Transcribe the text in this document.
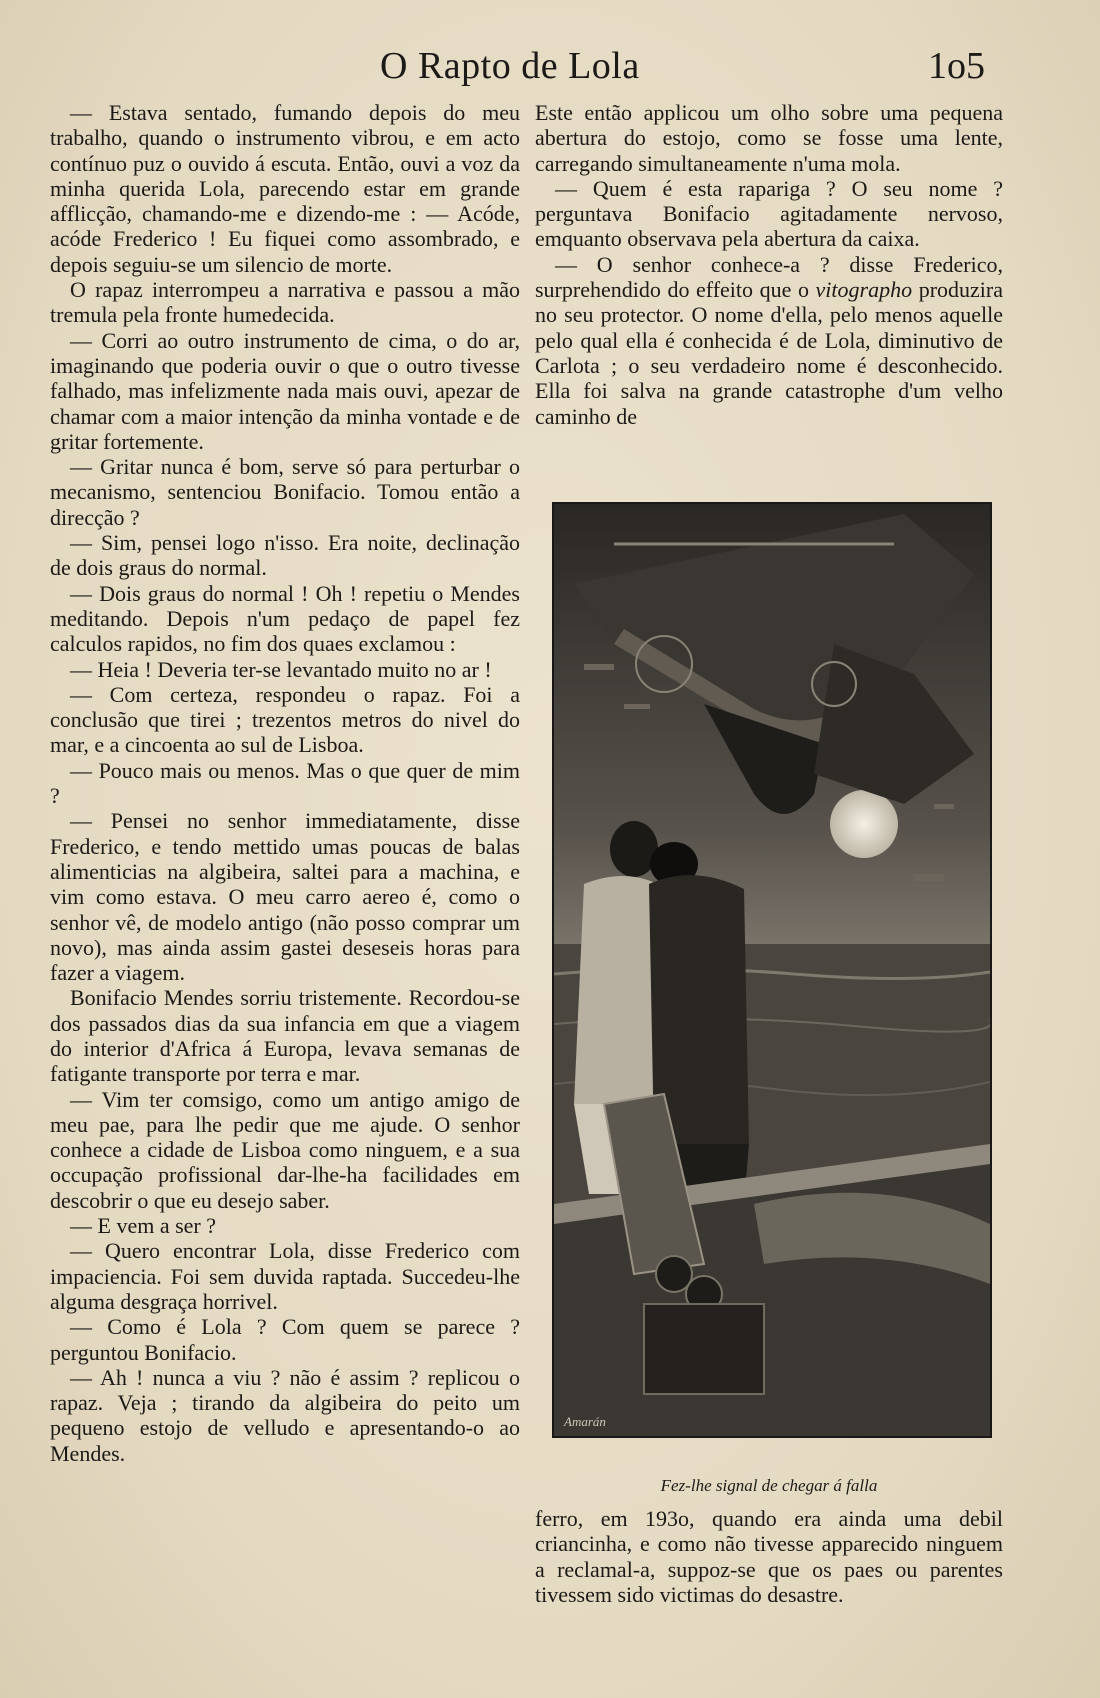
O Rapto de Lola	1o5

— Estava sentado, fumando depois do meu trabalho, quando o instrumento vibrou, e em acto contínuo puz o ouvido á escuta. Então, ouvi a voz da minha querida Lola, parecendo estar em grande afflicção, chamando-me e dizendo-me : — Acóde, acóde Frederico ! Eu fiquei como assombrado, e depois seguiu-se um silencio de morte.

O rapaz interrompeu a narrativa e passou a mão tremula pela fronte humedecida.

— Corri ao outro instrumento de cima, o do ar, imaginando que poderia ouvir o que o outro tivesse falhado, mas infelizmente nada mais ouvi, apezar de chamar com a maior intenção da minha vontade e de gritar fortemente.

— Gritar nunca é bom, serve só para perturbar o mecanismo, sentenciou Bonifacio. Tomou então a direcção ?

— Sim, pensei logo n'isso. Era noite, declinação de dois graus do normal.

— Dois graus do normal ! Oh ! repetiu o Mendes meditando. Depois n'um pedaço de papel fez calculos rapidos, no fim dos quaes exclamou :

— Heia ! Deveria ter-se levantado muito no ar !

— Com certeza, respondeu o rapaz. Foi a conclusão que tirei ; trezentos metros do nivel do mar, e a cincoenta ao sul de Lisboa.

— Pouco mais ou menos. Mas o que quer de mim ?

— Pensei no senhor immediatamente, disse Frederico, e tendo mettido umas poucas de balas alimenticias na algibeira, saltei para a machina, e vim como estava. O meu carro aereo é, como o senhor vê, de modelo antigo (não posso comprar um novo), mas ainda assim gastei deseseis horas para fazer a viagem.

Bonifacio Mendes sorriu tristemente. Recordou-se dos passados dias da sua infancia em que a viagem do interior d'Africa á Europa, levava semanas de fatigante transporte por terra e mar.

— Vim ter comsigo, como um antigo amigo de meu pae, para lhe pedir que me ajude. O senhor conhece a cidade de Lisboa como ninguem, e a sua occupação profissional dar-lhe-ha facilidades em descobrir o que eu desejo saber.

— E vem a ser ?

— Quero encontrar Lola, disse Frederico com impaciencia. Foi sem duvida raptada. Succedeu-lhe alguma desgraça horrivel.

— Como é Lola ? Com quem se parece ? perguntou Bonifacio.

— Ah ! nunca a viu ? não é assim ? replicou o rapaz. Veja ; tirando da algibeira do peito um pequeno estojo de velludo e apresentando-o ao Mendes.

Este então applicou um olho sobre uma pequena abertura do estojo, como se fosse uma lente, carregando simultaneamente n'uma mola.

— Quem é esta rapariga ? O seu nome ? perguntava Bonifacio agitadamente nervoso, emquanto observava pela abertura da caixa.

— O senhor conhece-a ? disse Frederico, surprehendido do effeito que o vitographo produzira no seu protector. O nome d'ella, pelo menos aquelle pelo qual ella é conhecida é de Lola, diminutivo de Carlota ; o seu verdadeiro nome é desconhecido. Ella foi salva na grande catastrophe d'um velho caminho de

Amarán
Fez-lhe signal de chegar á falla

ferro, em 193o, quando era ainda uma debil criancinha, e como não tivesse apparecido ninguem a reclamal-a, suppoz-se que os paes ou parentes tivessem sido victimas do desastre.
